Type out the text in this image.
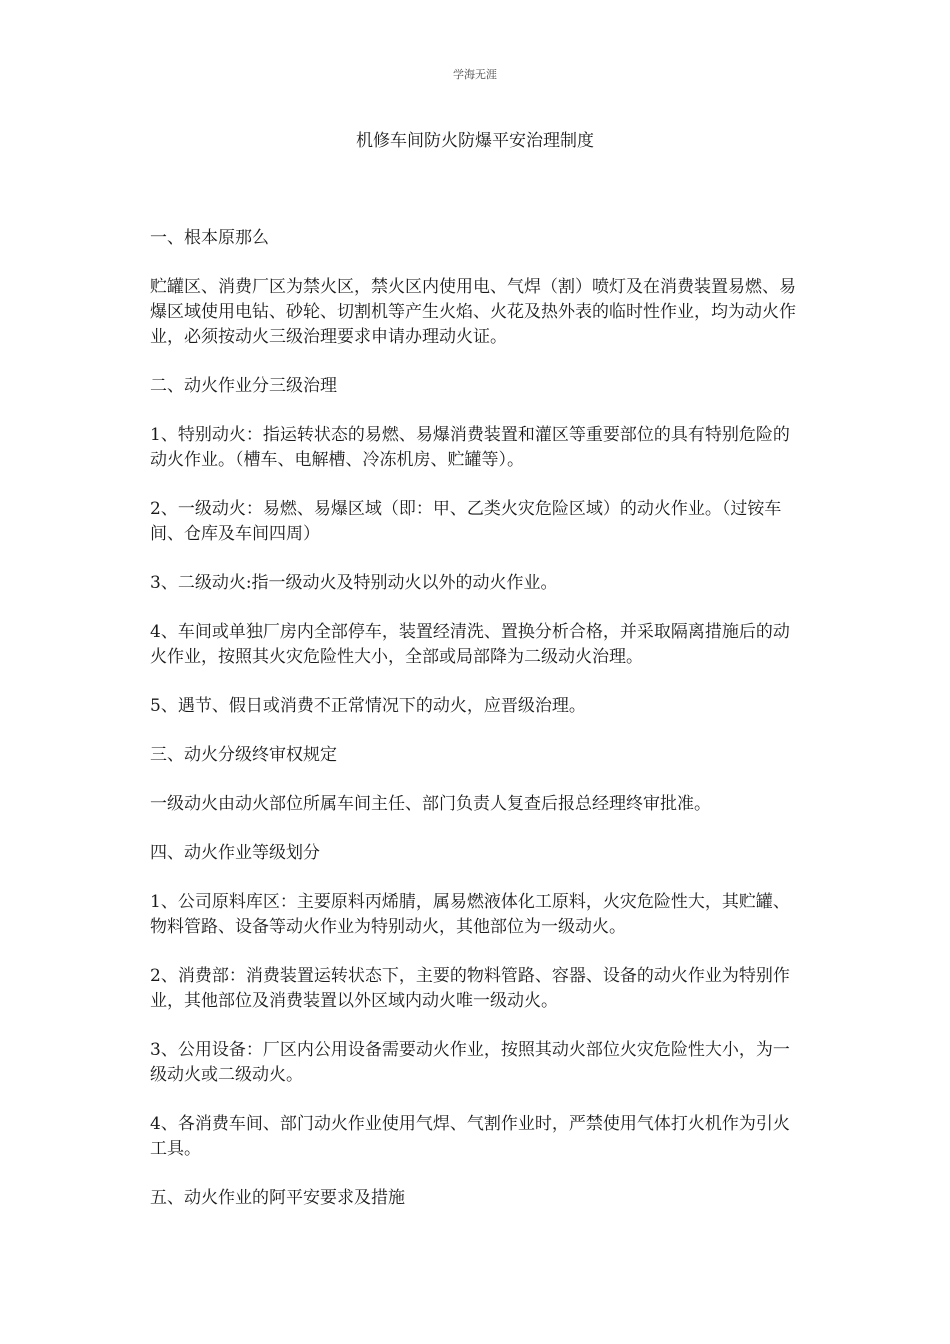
学海无涯
机修车间防火防爆平安治理制度

一、根本原那么

贮罐区、消费厂区为禁火区，禁火区内使用电、气焊（割）喷灯及在消费装置易燃、易爆区域使用电钻、砂轮、切割机等产生火焰、火花及热外表的临时性作业，均为动火作业，必须按动火三级治理要求申请办理动火证。

二、动火作业分三级治理

1、特别动火：指运转状态的易燃、易爆消费装置和灌区等重要部位的具有特别危险的动火作业。（槽车、电解槽、冷冻机房、贮罐等）。

2、一级动火：易燃、易爆区域（即：甲、乙类火灾危险区域）的动火作业。（过铵车间、仓库及车间四周）

3、二级动火:指一级动火及特别动火以外的动火作业。

4、车间或单独厂房内全部停车，装置经清洗、置换分析合格，并采取隔离措施后的动火作业，按照其火灾危险性大小，全部或局部降为二级动火治理。

5、遇节、假日或消费不正常情况下的动火，应晋级治理。

三、动火分级终审权规定

一级动火由动火部位所属车间主任、部门负责人复查后报总经理终审批准。

四、动火作业等级划分

1、公司原料库区：主要原料丙烯腈，属易燃液体化工原料，火灾危险性大，其贮罐、物料管路、设备等动火作业为特别动火，其他部位为一级动火。

2、消费部：消费装置运转状态下，主要的物料管路、容器、设备的动火作业为特别作业，其他部位及消费装置以外区域内动火唯一级动火。

3、公用设备：厂区内公用设备需要动火作业，按照其动火部位火灾危险性大小，为一级动火或二级动火。

4、各消费车间、部门动火作业使用气焊、气割作业时，严禁使用气体打火机作为引火工具。

五、动火作业的阿平安要求及措施
